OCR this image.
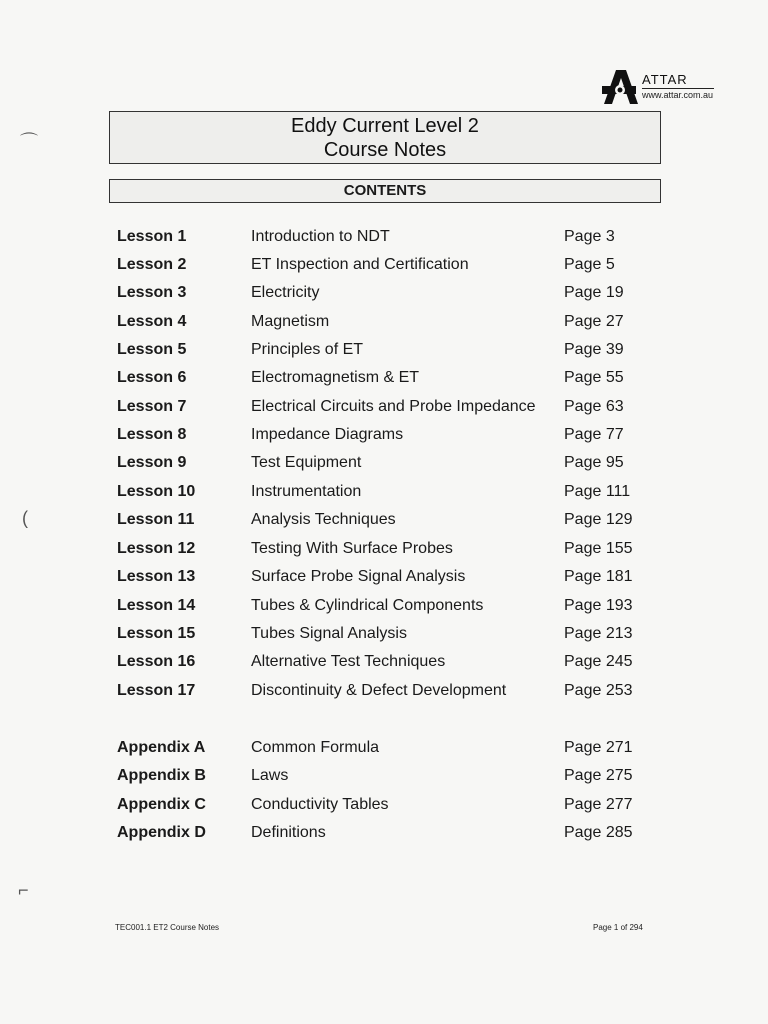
⌒
(
⌐
ATTAR
www.attar.com.au
Eddy Current Level 2
Course Notes
CONTENTS
Lesson 1	Introduction to NDT	Page 3
Lesson 2	ET Inspection and Certification	Page 5
Lesson 3	Electricity	Page 19
Lesson 4	Magnetism	Page 27
Lesson 5	Principles of ET	Page 39
Lesson 6	Electromagnetism & ET	Page 55
Lesson 7	Electrical Circuits and Probe Impedance Page 63
Lesson 8	Impedance Diagrams	Page 77
Lesson 9	Test Equipment	Page 95
Lesson 10	Instrumentation	Page 111
Lesson 11	Analysis Techniques	Page 129
Lesson 12	Testing With Surface Probes	Page 155
Lesson 13	Surface Probe Signal Analysis	Page 181
Lesson 14	Tubes & Cylindrical Components	Page 193
Lesson 15	Tubes Signal Analysis	Page 213
Lesson 16	Alternative Test Techniques	Page 245
Lesson 17	Discontinuity & Defect Development	Page 253
Appendix A	Common Formula	Page 271
Appendix B	Laws	Page 275
Appendix C	Conductivity Tables	Page 277
Appendix D	Definitions	Page 285
TEC001.1 ET2 Course Notes	Page 1 of 294
